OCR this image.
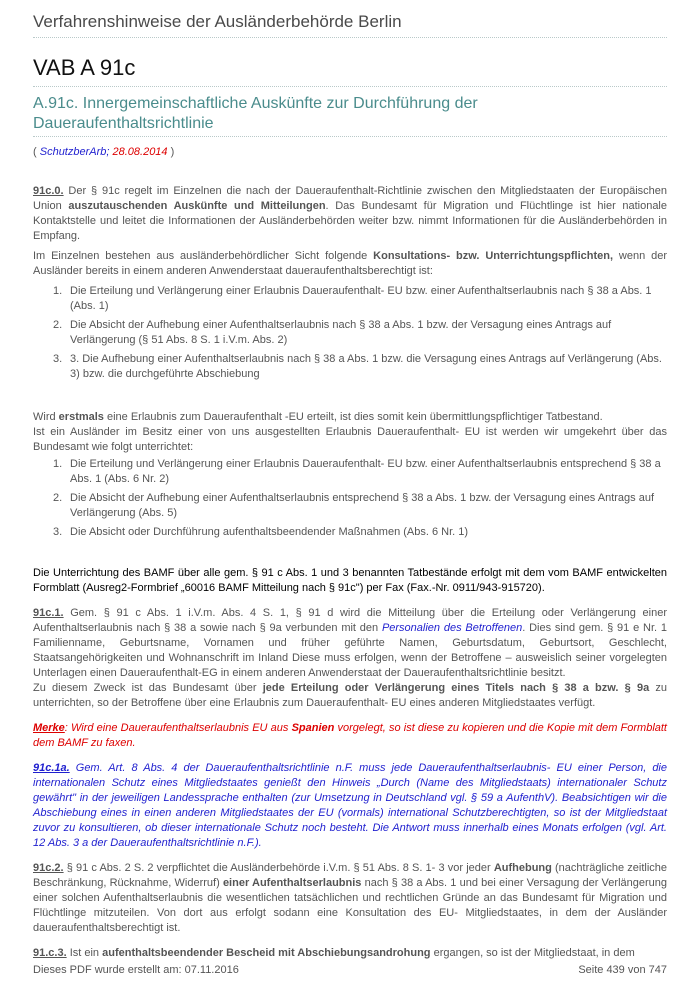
Verfahrenshinweise der Ausländerbehörde Berlin
VAB A 91c
A.91c. Innergemeinschaftliche Auskünfte zur Durchführung der Daueraufenthaltsrichtlinie
( SchutzberArb; 28.08.2014 )

91c.0. Der § 91c regelt im Einzelnen die nach der Daueraufenthalt-Richtlinie zwischen den Mitgliedstaaten der Europäischen Union auszutauschenden Auskünfte und Mitteilungen. Das Bundesamt für Migration und Flüchtlinge ist hier nationale Kontaktstelle und leitet die Informationen der Ausländerbehörden weiter bzw. nimmt Informationen für die Ausländerbehörden in Empfang.

Im Einzelnen bestehen aus ausländerbehördlicher Sicht folgende Konsultations- bzw. Unterrichtungspflichten, wenn der Ausländer bereits in einem anderen Anwenderstaat daueraufenthaltsberechtigt ist:

1. Die Erteilung und Verlängerung einer Erlaubnis Daueraufenthalt- EU bzw. einer Aufenthaltserlaubnis nach § 38 a Abs. 1 (Abs. 1)
2. Die Absicht der Aufhebung einer Aufenthaltserlaubnis nach § 38 a Abs. 1 bzw. der Versagung eines Antrags auf Verlängerung (§ 51 Abs. 8 S. 1 i.V.m. Abs. 2)
3. 3. Die Aufhebung einer Aufenthaltserlaubnis nach § 38 a Abs. 1 bzw. die Versagung eines Antrags auf Verlängerung (Abs. 3) bzw. die durchgeführte Abschiebung

Wird erstmals eine Erlaubnis zum Daueraufenthalt -EU erteilt, ist dies somit kein übermittlungspflichtiger Tatbestand.
Ist ein Ausländer im Besitz einer von uns ausgestellten Erlaubnis Daueraufenthalt- EU ist werden wir umgekehrt über das Bundesamt wie folgt unterrichtet:

1. Die Erteilung und Verlängerung einer Erlaubnis Daueraufenthalt- EU bzw. einer Aufenthaltserlaubnis entsprechend § 38 a Abs. 1 (Abs. 6 Nr. 2)
2. Die Absicht der Aufhebung einer Aufenthaltserlaubnis entsprechend § 38 a Abs. 1 bzw. der Versagung eines Antrags auf Verlängerung (Abs. 5)
3. Die Absicht oder Durchführung aufenthaltsbeendender Maßnahmen (Abs. 6 Nr. 1)

Die Unterrichtung des BAMF über alle gem. § 91 c Abs. 1 und 3 benannten Tatbestände erfolgt mit dem vom BAMF entwickelten Formblatt (Ausreg2-Formbrief „60016 BAMF Mitteilung nach § 91c") per Fax (Fax.-Nr. 0911/943-915720).

91c.1. Gem. § 91 c Abs. 1 i.V.m. Abs. 4 S. 1, § 91 d wird die Mitteilung über die Erteilung oder Verlängerung einer Aufenthaltserlaubnis nach § 38 a sowie nach § 9a verbunden mit den Personalien des Betroffenen. Dies sind gem. § 91 e Nr. 1 Familienname, Geburtsname, Vornamen und früher geführte Namen, Geburtsdatum, Geburtsort, Geschlecht, Staatsangehörigkeiten und Wohnanschrift im Inland Diese muss erfolgen, wenn der Betroffene – ausweislich seiner vorgelegten Unterlagen einen Daueraufenthalt-EG in einem anderen Anwenderstaat der Daueraufenthaltsrichtlinie besitzt.
Zu diesem Zweck ist das Bundesamt über jede Erteilung oder Verlängerung eines Titels nach § 38 a bzw. § 9a zu unterrichten, so der Betroffene über eine Erlaubnis zum Daueraufenthalt- EU eines anderen Mitgliedstaates verfügt.

Merke: Wird eine Daueraufenthaltserlaubnis EU aus Spanien vorgelegt, so ist diese zu kopieren und die Kopie mit dem Formblatt dem BAMF zu faxen.

91c.1a. Gem. Art. 8 Abs. 4 der Daueraufenthaltsrichtlinie n.F. muss jede Daueraufenthaltserlaubnis- EU einer Person, die internationalen Schutz eines Mitgliedstaates genießt den Hinweis „Durch (Name des Mitgliedstaats) internationaler Schutz gewährt" in der jeweiligen Landessprache enthalten (zur Umsetzung in Deutschland vgl. § 59 a AufenthV). Beabsichtigen wir die Abschiebung eines in einen anderen Mitgliedstaates der EU (vormals) international Schutzberechtigten, so ist der Mitgliedstaat zuvor zu konsultieren, ob dieser internationale Schutz noch besteht. Die Antwort muss innerhalb eines Monats erfolgen (vgl. Art. 12 Abs. 3 a der Daueraufenthaltsrichtlinie n.F.).

91c.2. § 91 c Abs. 2 S. 2 verpflichtet die Ausländerbehörde i.V.m. § 51 Abs. 8 S. 1- 3 vor jeder Aufhebung (nachträgliche zeitliche Beschränkung, Rücknahme, Widerruf) einer Aufenthaltserlaubnis nach § 38 a Abs. 1 und bei einer Versagung der Verlängerung einer solchen Aufenthaltserlaubnis die wesentlichen tatsächlichen und rechtlichen Gründe an das Bundesamt für Migration und Flüchtlinge mitzuteilen. Von dort aus erfolgt sodann eine Konsultation des EU- Mitgliedstaates, in dem der Ausländer daueraufenthaltsberechtigt ist.

91.c.3. Ist ein aufenthaltsbeendender Bescheid mit Abschiebungsandrohung ergangen, so ist der Mitgliedstaat, in dem

Dieses PDF wurde erstellt am: 07.11.2016	Seite 439 von 747
